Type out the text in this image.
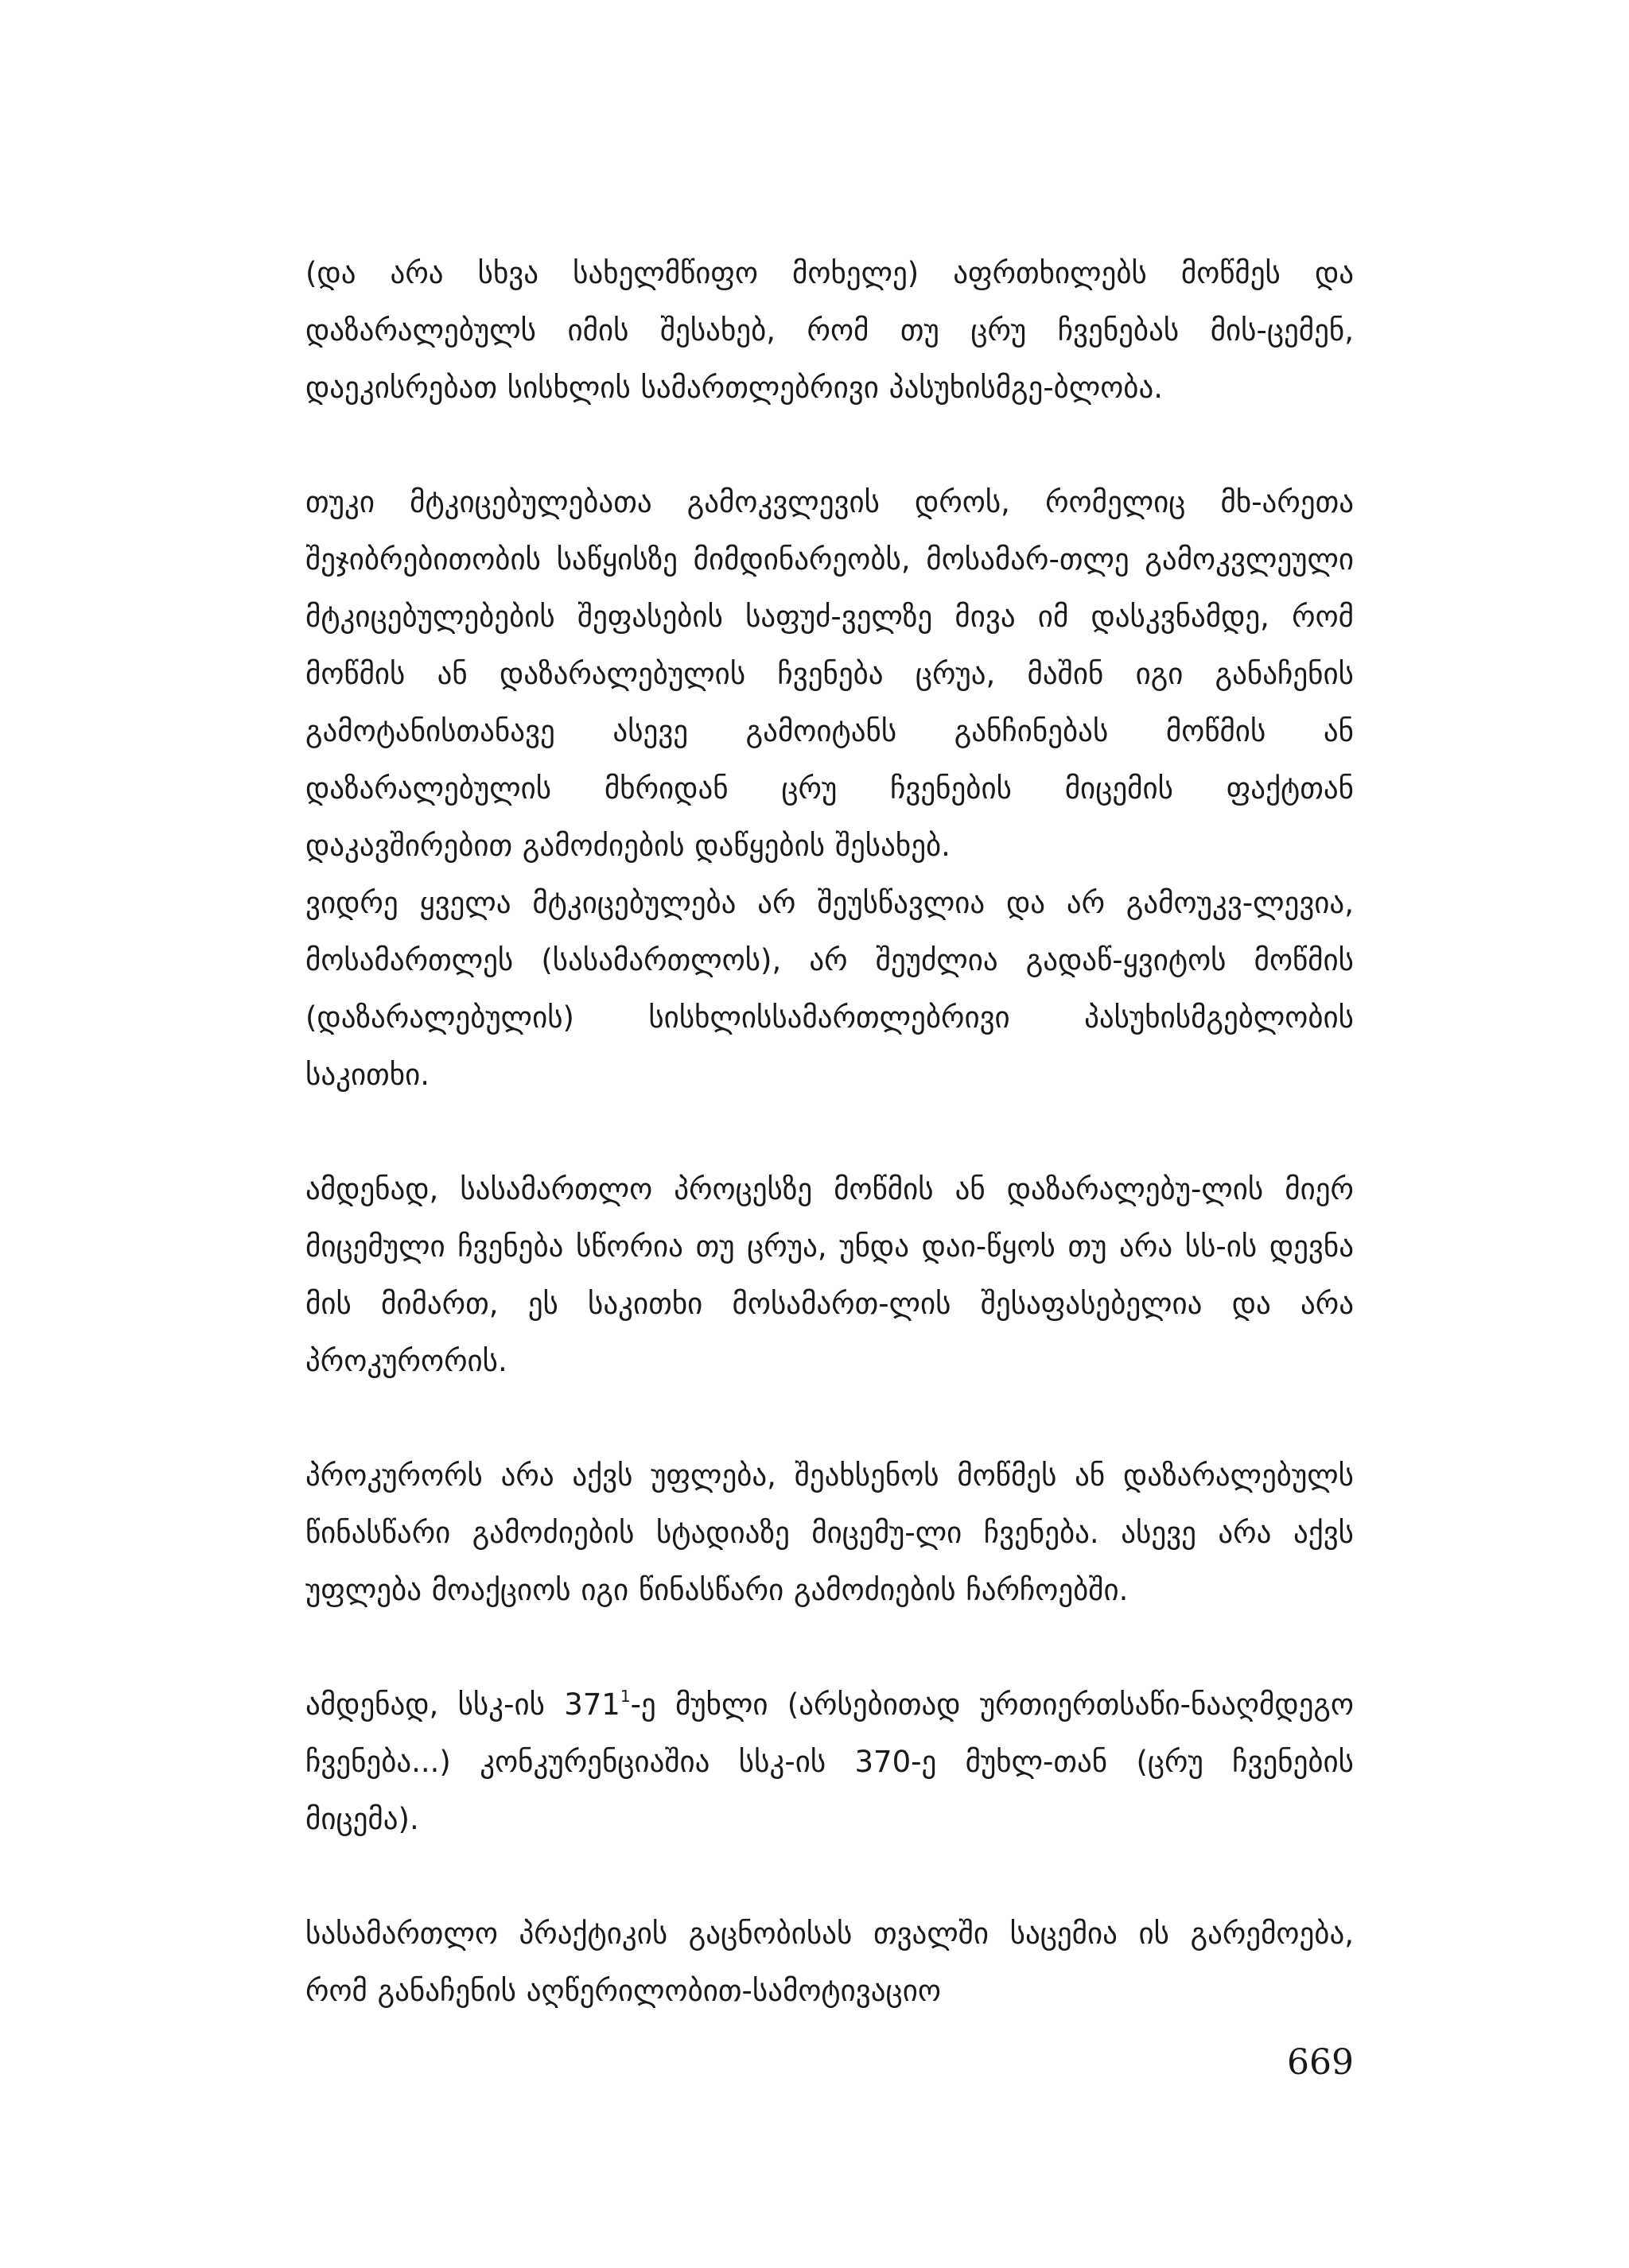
(და არა სხვა სახელმწიფო მოხელე) აფრთხილებს მოწმეს და დაზარალებულს იმის შესახებ, რომ თუ ცრუ ჩვენებას მის-ცემენ, დაეკისრებათ სისხლის სამართლებრივი პასუხისმგე-ბლობა.

თუკი მტკიცებულებათა გამოკვლევის დროს, რომელიც მხ-არეთა შეჯიბრებითობის საწყისზე მიმდინარეობს, მოსამარ-თლე გამოკვლეული მტკიცებულებების შეფასების საფუძ-ველზე მივა იმ დასკვნამდე, რომ მოწმის ან დაზარალებულის ჩვენება ცრუა, მაშინ იგი განაჩენის გამოტანისთანავე ასევე გამოიტანს განჩინებას მოწმის ან დაზარალებულის მხრიდან ცრუ ჩვენების მიცემის ფაქტთან დაკავშირებით გამოძიების დაწყების შესახებ.

ვიდრე ყველა მტკიცებულება არ შეუსწავლია და არ გამოუკვ-ლევია, მოსამართლეს (სასამართლოს), არ შეუძლია გადაწ-ყვიტოს მოწმის (დაზარალებულის) სისხლისსამართლებრივი პასუხისმგებლობის საკითხი.

ამდენად, სასამართლო პროცესზე მოწმის ან დაზარალებუ-ლის მიერ მიცემული ჩვენება სწორია თუ ცრუა, უნდა დაი-წყოს თუ არა სს-ის დევნა მის მიმართ, ეს საკითხი მოსამართ-ლის შესაფასებელია და არა პროკურორის.

პროკურორს არა აქვს უფლება, შეახსენოს მოწმეს ან დაზარალებულს წინასწარი გამოძიების სტადიაზე მიცემუ-ლი ჩვენება. ასევე არა აქვს უფლება მოაქციოს იგი წინასწარი გამოძიების ჩარჩოებში.

ამდენად, სსკ-ის $371^1-ე$ მუხლი (არსებითად ურთიერთსაწი-ნააღმდეგო ჩვენება...) კონკურენციაშია სსკ-ის 370-ე მუხლ-თან (ცრუ ჩვენების მიცემა).

სასამართლო პრაქტიკის გაცნობისას თვალში საცემია ის გარემოება, რომ განაჩენის აღწერილობით-სამოტივაციო

669
